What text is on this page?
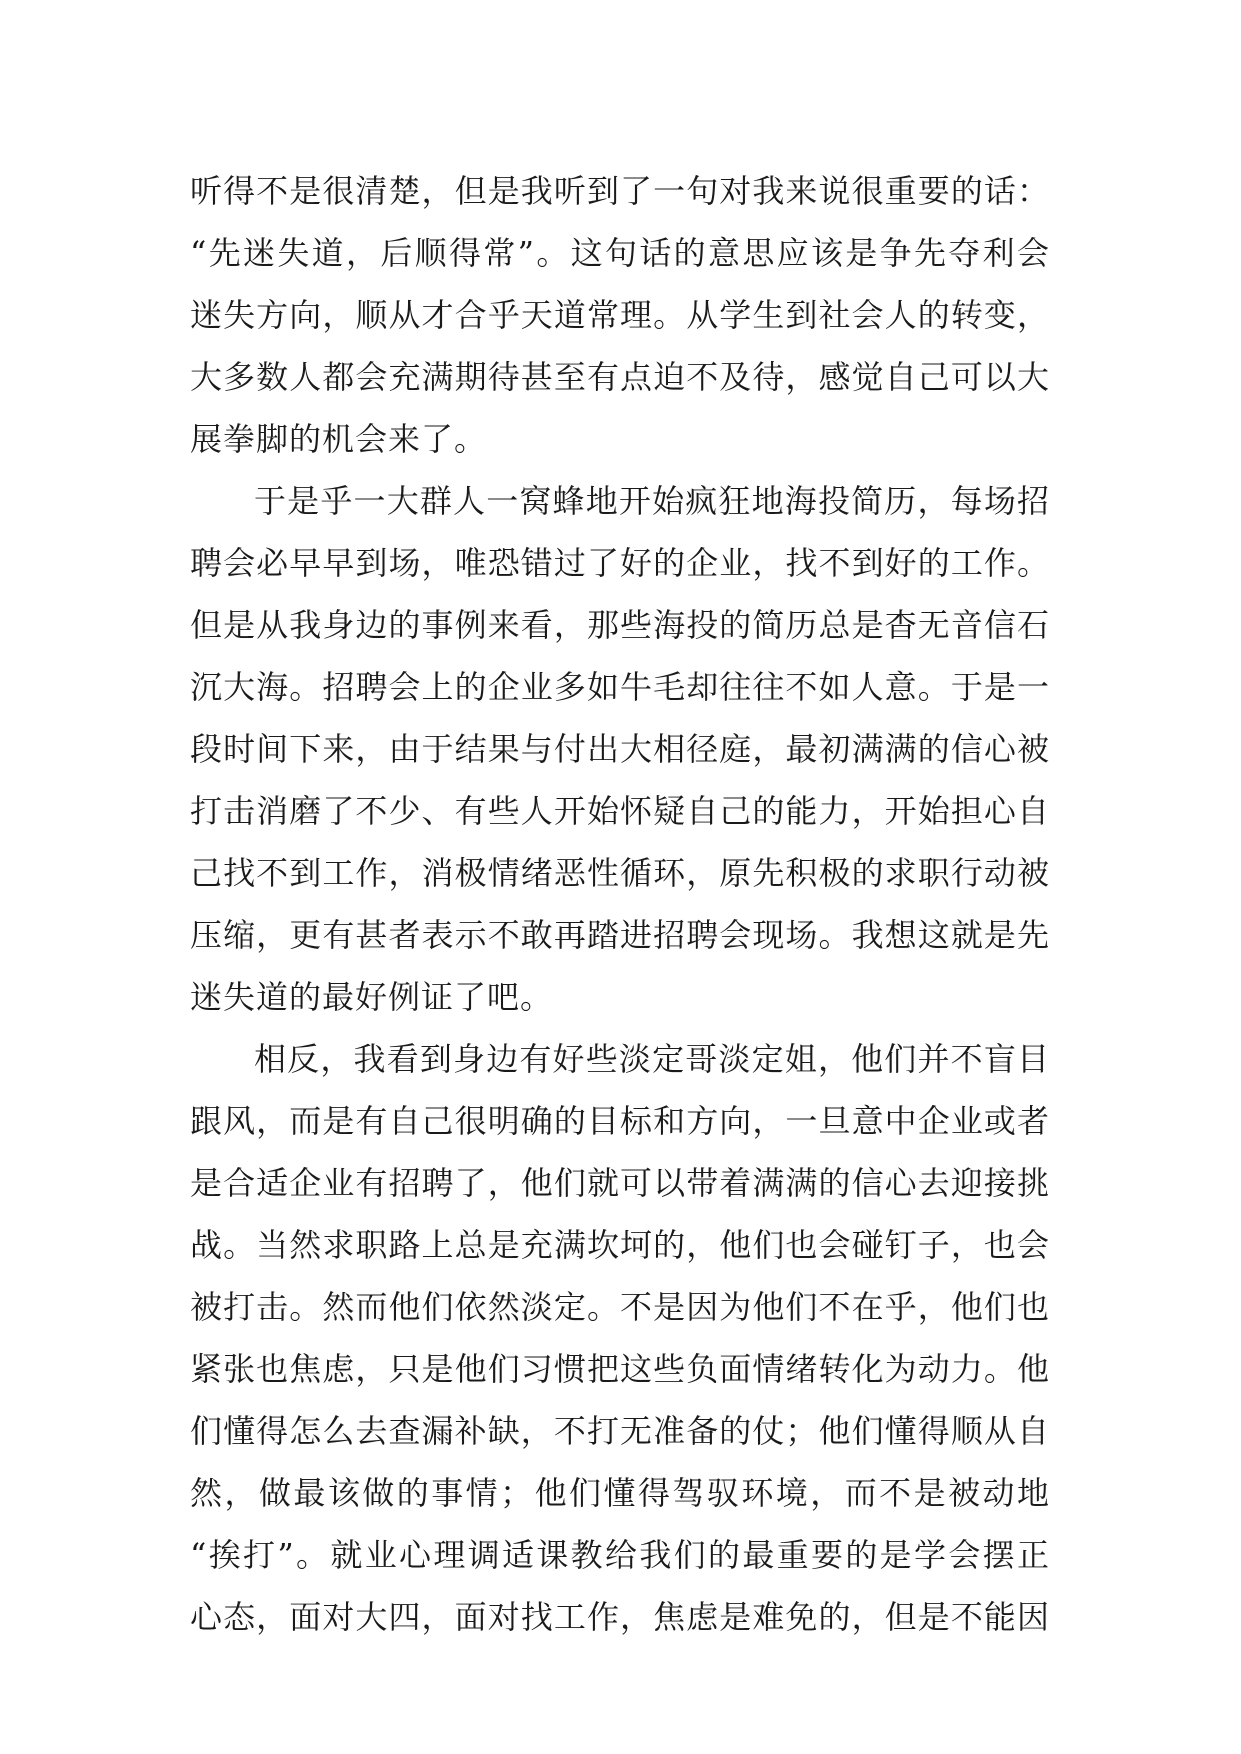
听得不是很清楚，但是我听到了一句对我来说很重要的话：
“先迷失道，后顺得常”。这句话的意思应该是争先夺利会
迷失方向，顺从才合乎天道常理。从学生到社会人的转变，
大多数人都会充满期待甚至有点迫不及待，感觉自己可以大
展拳脚的机会来了。
于是乎一大群人一窝蜂地开始疯狂地海投简历，每场招
聘会必早早到场，唯恐错过了好的企业，找不到好的工作。
但是从我身边的事例来看，那些海投的简历总是杳无音信石
沉大海。招聘会上的企业多如牛毛却往往不如人意。于是一
段时间下来，由于结果与付出大相径庭，最初满满的信心被
打击消磨了不少、有些人开始怀疑自己的能力，开始担心自
己找不到工作，消极情绪恶性循环，原先积极的求职行动被
压缩，更有甚者表示不敢再踏进招聘会现场。我想这就是先
迷失道的最好例证了吧。
相反，我看到身边有好些淡定哥淡定姐，他们并不盲目
跟风，而是有自己很明确的目标和方向，一旦意中企业或者
是合适企业有招聘了，他们就可以带着满满的信心去迎接挑
战。当然求职路上总是充满坎坷的，他们也会碰钉子，也会
被打击。然而他们依然淡定。不是因为他们不在乎，他们也
紧张也焦虑，只是他们习惯把这些负面情绪转化为动力。他
们懂得怎么去查漏补缺，不打无准备的仗；他们懂得顺从自
然，做最该做的事情；他们懂得驾驭环境，而不是被动地
“挨打”。就业心理调适课教给我们的最重要的是学会摆正
心态，面对大四，面对找工作，焦虑是难免的，但是不能因
